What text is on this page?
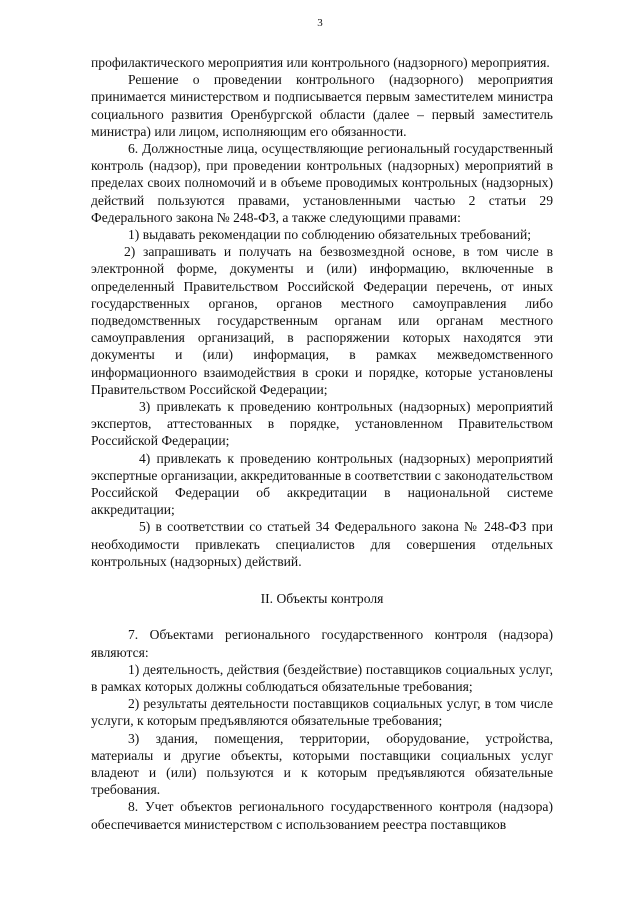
3

профилактического мероприятия или контрольного (надзорного) мероприятия.

Решение о проведении контрольного (надзорного) мероприятия принимается министерством и подписывается первым заместителем министра социального развития Оренбургской области (далее – первый заместитель министра) или лицом, исполняющим его обязанности.

6. Должностные лица, осуществляющие региональный государственный контроль (надзор), при проведении контрольных (надзорных) мероприятий в пределах своих полномочий и в объеме проводимых контрольных (надзорных) действий пользуются правами, установленными частью 2 статьи 29 Федерального закона № 248-ФЗ, а также следующими правами:

1) выдавать рекомендации по соблюдению обязательных требований;

2) запрашивать и получать на безвозмездной основе, в том числе в электронной форме, документы и (или) информацию, включенные в определенный Правительством Российской Федерации перечень, от иных государственных органов, органов местного самоуправления либо подведомственных государственным органам или органам местного самоуправления организаций, в распоряжении которых находятся эти документы и (или) информация, в рамках межведомственного информационного взаимодействия в сроки и порядке, которые установлены Правительством Российской Федерации;

3) привлекать к проведению контрольных (надзорных) мероприятий экспертов, аттестованных в порядке, установленном Правительством Российской Федерации;

4) привлекать к проведению контрольных (надзорных) мероприятий экспертные организации, аккредитованные в соответствии с законодательством Российской Федерации об аккредитации в национальной системе аккредитации;

5) в соответствии со статьей 34 Федерального закона № 248-ФЗ при необходимости привлекать специалистов для совершения отдельных контрольных (надзорных) действий.

II. Объекты контроля

7. Объектами регионального государственного контроля (надзора) являются:

1) деятельность, действия (бездействие) поставщиков социальных услуг, в рамках которых должны соблюдаться обязательные требования;

2) результаты деятельности поставщиков социальных услуг, в том числе услуги, к которым предъявляются обязательные требования;

3) здания, помещения, территории, оборудование, устройства, материалы и другие объекты, которыми поставщики социальных услуг владеют и (или) пользуются и к которым предъявляются обязательные требования.

8. Учет объектов регионального государственного контроля (надзора) обеспечивается министерством с использованием реестра поставщиков
